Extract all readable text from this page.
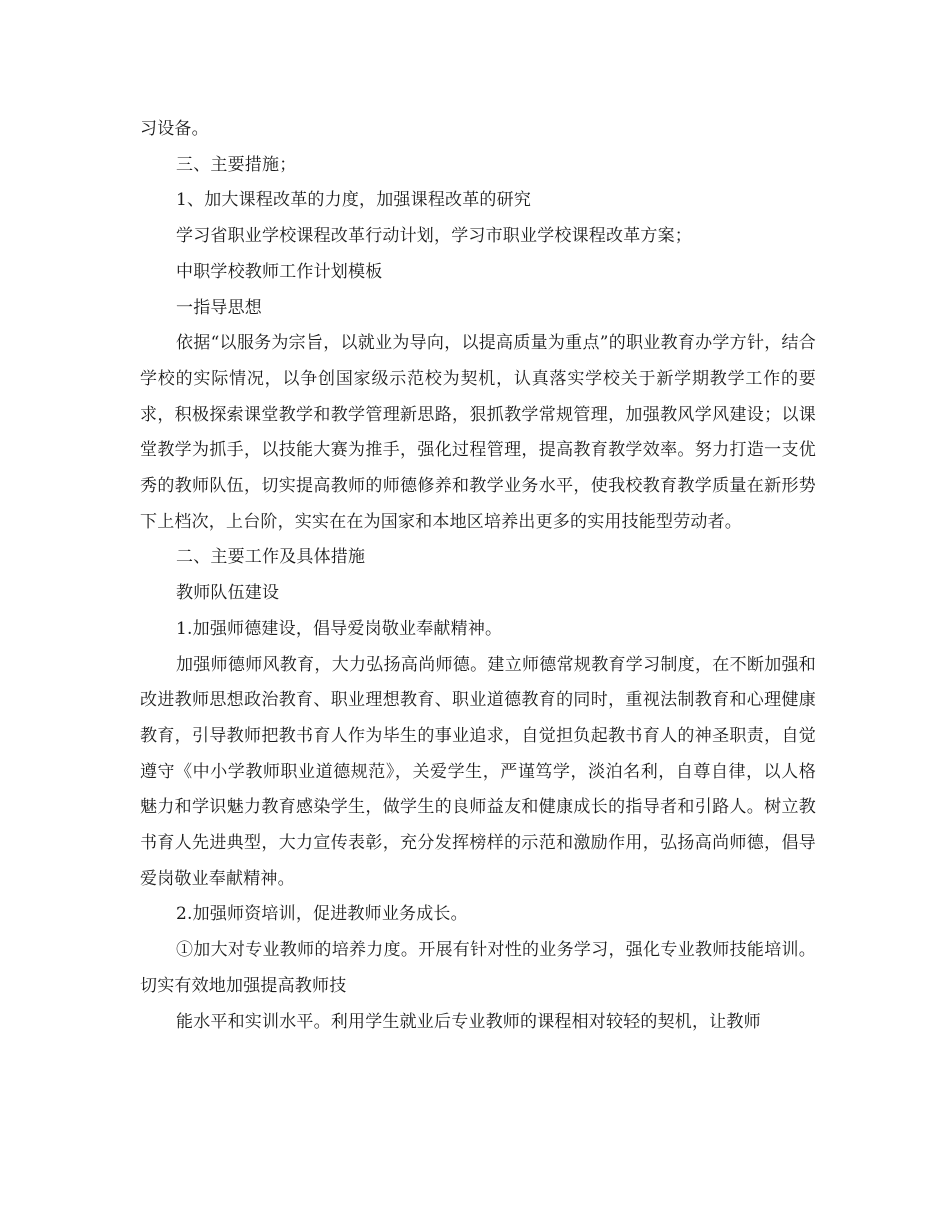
习设备。

三、主要措施；

1、加大课程改革的力度，加强课程改革的研究

学习省职业学校课程改革行动计划，学习市职业学校课程改革方案；

中职学校教师工作计划模板

一指导思想

依据“以服务为宗旨，以就业为导向，以提高质量为重点”的职业教育办学方针，结合学校的实际情况，以争创国家级示范校为契机，认真落实学校关于新学期教学工作的要求，积极探索课堂教学和教学管理新思路，狠抓教学常规管理，加强教风学风建设；以课堂教学为抓手，以技能大赛为推手，强化过程管理，提高教育教学效率。努力打造一支优秀的教师队伍，切实提高教师的师德修养和教学业务水平，使我校教育教学质量在新形势下上档次，上台阶，实实在在为国家和本地区培养出更多的实用技能型劳动者。

二、主要工作及具体措施

教师队伍建设

1.加强师德建设，倡导爱岗敬业奉献精神。

加强师德师风教育，大力弘扬高尚师德。建立师德常规教育学习制度，在不断加强和改进教师思想政治教育、职业理想教育、职业道德教育的同时，重视法制教育和心理健康教育，引导教师把教书育人作为毕生的事业追求，自觉担负起教书育人的神圣职责，自觉遵守《中小学教师职业道德规范》，关爱学生，严谨笃学，淡泊名利，自尊自律，以人格魅力和学识魅力教育感染学生，做学生的良师益友和健康成长的指导者和引路人。树立教书育人先进典型，大力宣传表彰，充分发挥榜样的示范和激励作用，弘扬高尚师德，倡导爱岗敬业奉献精神。

2.加强师资培训，促进教师业务成长。

①加大对专业教师的培养力度。开展有针对性的业务学习，强化专业教师技能培训。切实有效地加强提高教师技

能水平和实训水平。利用学生就业后专业教师的课程相对较轻的契机，让教师
